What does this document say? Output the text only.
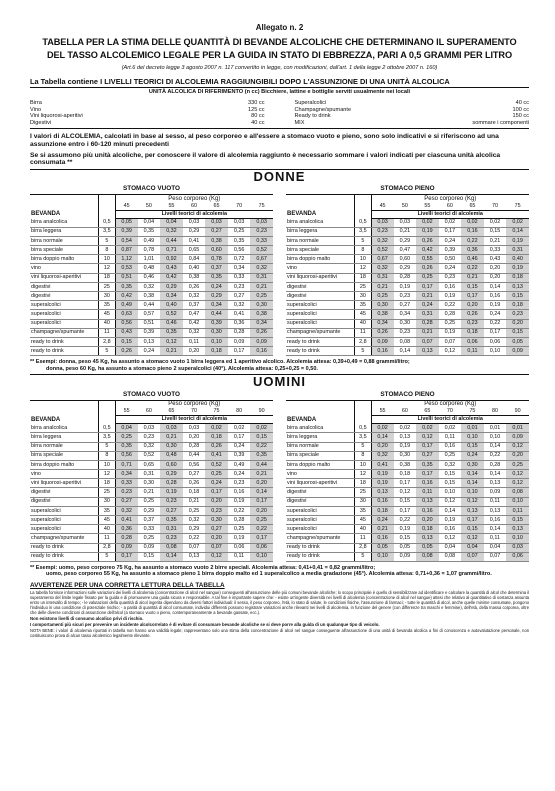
Allegato n. 2
TABELLA PER LA STIMA DELLE QUANTITÀ DI BEVANDE ALCOLICHE CHE DETERMINANO IL SUPERAMENTO
DEL TASSO ALCOLEMICO LEGALE PER LA GUIDA IN STATO DI EBBREZZA, PARI A 0,5 GRAMMI PER LITRO
(Art.6 del decreto legge 3 agosto 2007 n. 117 convertito in legge, con modificazioni, dall'art. 1 della legge 2 ottobre 2007 n. 160)
La Tabella contiene I LIVELLI TEORICI DI ALCOLEMIA RAGGIUNGIBILI DOPO L'ASSUNZIONE DI UNA UNITÀ ALCOLICA
UNITÀ ALCOLICA DI RIFERIMENTO (n cc) Bicchiere, lattine e bottiglie serviti usualmente nei locali
Birra	330 cc
Vino	125 cc
Vini liquorosi-aperitivi	80 cc
Digestivi	40 cc
Superalcolici	40 cc
Champagne/spumante	100 cc
Ready to drink	150 cc
MIX	sommare i componenti
I valori di ALCOLEMIA, calcolati in base al sesso, al peso corporeo e all'essere a stomaco vuoto e pieno, sono solo indicativi e si riferiscono ad una assunzione entro i 60-120 minuti precedenti
Se si assumono più unità alcoliche, per conoscere il valore di alcolemia raggiunto è necessario sommare i valori indicati per ciascuna unità alcolica consumata **
DONNE
STOMACO VUOTO								
BEVANDA		Peso corporeo (Kg)						
		45	50	55	60	65	70	75
		Livelli teorici di alcolemia						
birra analcolica	0,5	0,05	0,04	0,04	0,03	0,03	0,03	0,03
birra leggera	3,5	0,39	0,35	0,32	0,29	0,27	0,25	0,23
birra normale	5	0,54	0,49	0,44	0,41	0,38	0,35	0,33
birra speciale	8	0,87	0,78	0,71	0,65	0,60	0,56	0,52
birra doppio malto	10	1,12	1,01	0,92	0,84	0,78	0,72	0,67
vino	12	0,53	0,48	0,43	0,40	0,37	0,34	0,32
vini liquorosi-aperitivi	18	0,51	0,46	0,42	0,38	0,35	0,33	0,31
digestivi	25	0,35	0,32	0,29	0,26	0,24	0,23	0,21
digestivi	30	0,42	0,38	0,34	0,32	0,29	0,27	0,25
superalcolici	35	0,49	0,44	0,40	0,37	0,34	0,32	0,30
superalcolici	45	0,63	0,57	0,52	0,47	0,44	0,41	0,38
superalcolici	40	0,56	0,51	0,46	0,42	0,39	0,36	0,34
champagne/spumante	11	0,43	0,39	0,35	0,32	0,30	0,28	0,26
ready to drink	2,8	0,15	0,13	0,12	0,11	0,10	0,09	0,09
ready to drink	5	0,26	0,24	0,21	0,20	0,18	0,17	0,16
STOMACO PIENO								
BEVANDA		Peso corporeo (Kg)						
		45	50	55	60	65	70	75
		Livelli teorici di alcolemia						
birra analcolica	0,5	0,03	0,03	0,02	0,02	0,02	0,02	0,02
birra leggera	3,5	0,23	0,21	0,19	0,17	0,16	0,15	0,14
birra normale	5	0,32	0,29	0,26	0,24	0,22	0,21	0,19
birra speciale	8	0,52	0,47	0,42	0,39	0,36	0,33	0,31
birra doppio malto	10	0,67	0,60	0,55	0,50	0,46	0,43	0,40
vino	12	0,32	0,29	0,26	0,24	0,22	0,20	0,19
vini liquorosi-aperitivi	18	0,31	0,28	0,25	0,23	0,21	0,20	0,18
digestivi	25	0,21	0,19	0,17	0,16	0,15	0,14	0,13
digestivi	30	0,25	0,23	0,21	0,19	0,17	0,16	0,15
superalcolici	35	0,30	0,27	0,24	0,22	0,20	0,19	0,18
superalcolici	45	0,38	0,34	0,31	0,28	0,26	0,24	0,23
superalcolici	40	0,34	0,30	0,28	0,25	0,23	0,22	0,20
champagne/spumante	11	0,26	0,23	0,21	0,19	0,18	0,17	0,15
ready to drink	2,8	0,09	0,08	0,07	0,07	0,06	0,06	0,05
ready to drink	5	0,16	0,14	0,13	0,12	0,11	0,10	0,09
** Esempi: donna, peso 45 Kg, ha assunto a stomaco vuoto 1 birra leggera ed 1 aperitivo alcolico. Alcolemia attesa: 0,39+0,49 = 0,88 grammi/litro;
donna, peso 60 Kg, ha assunto a stomaco pieno 2 superalcolici (40°). Alcolemia attesa: 0,25+0,25 = 0,50.
UOMINI
STOMACO VUOTO								
BEVANDA		Peso corporeo (Kg)						
		55	60	65	70	75	80	90
		Livelli teorici di alcolemia						
birra analcolica	0,5	0,04	0,03	0,03	0,03	0,02	0,02	0,02
birra leggera	3,5	0,25	0,23	0,21	0,20	0,18	0,17	0,15
birra normale	5	0,35	0,32	0,30	0,28	0,26	0,24	0,22
birra speciale	8	0,56	0,52	0,48	0,44	0,41	0,39	0,35
birra doppio malto	10	0,71	0,65	0,60	0,56	0,52	0,49	0,44
vino	12	0,34	0,31	0,29	0,27	0,25	0,24	0,21
vini liquorosi-aperitivi	18	0,33	0,30	0,28	0,26	0,24	0,23	0,20
digestivi	25	0,23	0,21	0,19	0,18	0,17	0,16	0,14
digestivi	30	0,27	0,25	0,23	0,21	0,20	0,19	0,17
superalcolici	35	0,32	0,29	0,27	0,25	0,23	0,22	0,20
superalcolici	45	0,41	0,37	0,35	0,32	0,30	0,28	0,25
superalcolici	40	0,36	0,33	0,31	0,29	0,27	0,25	0,22
champagne/spumante	11	0,28	0,25	0,23	0,22	0,20	0,19	0,17
ready to drink	2,8	0,09	0,09	0,08	0,07	0,07	0,06	0,06
ready to drink	5	0,17	0,15	0,14	0,13	0,12	0,11	0,10
STOMACO PIENO								
BEVANDA		Peso corporeo (Kg)						
		55	60	65	70	75	80	90
		Livelli teorici di alcolemia						
birra analcolica	0,5	0,02	0,02	0,02	0,02	0,01	0,01	0,01
birra leggera	3,5	0,14	0,13	0,12	0,11	0,10	0,10	0,09
birra normale	5	0,20	0,19	0,17	0,16	0,15	0,14	0,12
birra speciale	8	0,32	0,30	0,27	0,25	0,24	0,22	0,20
birra doppio malto	10	0,41	0,38	0,35	0,32	0,30	0,28	0,25
vino	12	0,19	0,18	0,17	0,15	0,14	0,14	0,12
vini liquorosi-aperitivi	18	0,19	0,17	0,16	0,15	0,14	0,13	0,12
digestivi	25	0,13	0,12	0,11	0,10	0,10	0,09	0,08
digestivi	30	0,16	0,15	0,13	0,12	0,12	0,11	0,10
superalcolici	35	0,18	0,17	0,16	0,14	0,13	0,13	0,11
superalcolici	45	0,24	0,22	0,20	0,19	0,17	0,16	0,15
superalcolici	40	0,21	0,19	0,18	0,16	0,15	0,14	0,13
champagne/spumante	11	0,16	0,15	0,13	0,12	0,12	0,11	0,10
ready to drink	2,8	0,05	0,05	0,05	0,04	0,04	0,04	0,03
ready to drink	5	0,10	0,09	0,08	0,08	0,07	0,07	0,06
** Esempi: uomo, peso corporeo 75 Kg, ha assunto a stomaco vuoto 2 birre speciali. Alcolemia attesa: 0,41+0,41 = 0,82 grammi/litro;
uomo, peso corporeo 55 Kg, ha assunto a stomaco pieno 1 birra doppio malto ed 1 superalcolico a media gradazione (45°). Alcolemia attesa: 0,71+0,36 = 1,07 grammi/litro.
AVVERTENZE PER UNA CORRETTA LETTURA DELLA TABELLA
La tabella fornisce informazioni sulle variazioni dei livelli di alcolemia (concentrazione di alcol nel sangue) conseguenti all'assunzione delle più comuni bevande alcoliche; lo scopo principale è quello di sensibilizzare ad identificare e calcolare la quantità di alcol che determina il superamento del limite legale fissato per la guida e di promuovere una guida sicura e responsabile. A tal fine è importante sapere che: - esiste un'ingente diversità nei livelli di alcolemia (concentrazione di alcol nel sangue) attesi che relativo al quantitativo di sostanza assunta entro un intervallo di tempo; - le valutazioni della quantità di alcol ingerita dipendono da diversi fattori individuali: il sesso, il peso corporeo, l'età, lo stato di salute, le condizioni fisiche, l'assunzione di farmaci; - tutte le quantità di alcol, anche quelle minime consumate, pongono l'individuo in una condizione di potenziale rischio; - a parità di quantità di alcol consumate, individui differenti possono registrare variazioni anche rilevanti nei livelli di alcolemia, in funzione del genere (con differenze tra maschi e femmine), dell'età, della massa corporea, oltre che delle diverse condizioni di assunzione dell'alcol (a stomaco vuoto o pieno, contemporaneamente a bevande gassate, ecc.).
Non esistono livelli di consumo alcolico privi di rischio.
I comportamenti più sicuri per prevenire un incidente alcolcorrelato è di evitare di consumare bevande alcoliche se si deve porre alla guida di un qualunque tipo di veicolo.
NOTA BENE: i valori di alcolemia riportati in tabella non hanno una validità legale; rappresentano solo una stima della concentrazione di alcol nel sangue conseguente all'assunzione di una unità di bevanda alcolica a fini di conoscenza e autovalutazione personale, non costituiscono prova di alcun tasso alcolemico legalmente rilevante.
